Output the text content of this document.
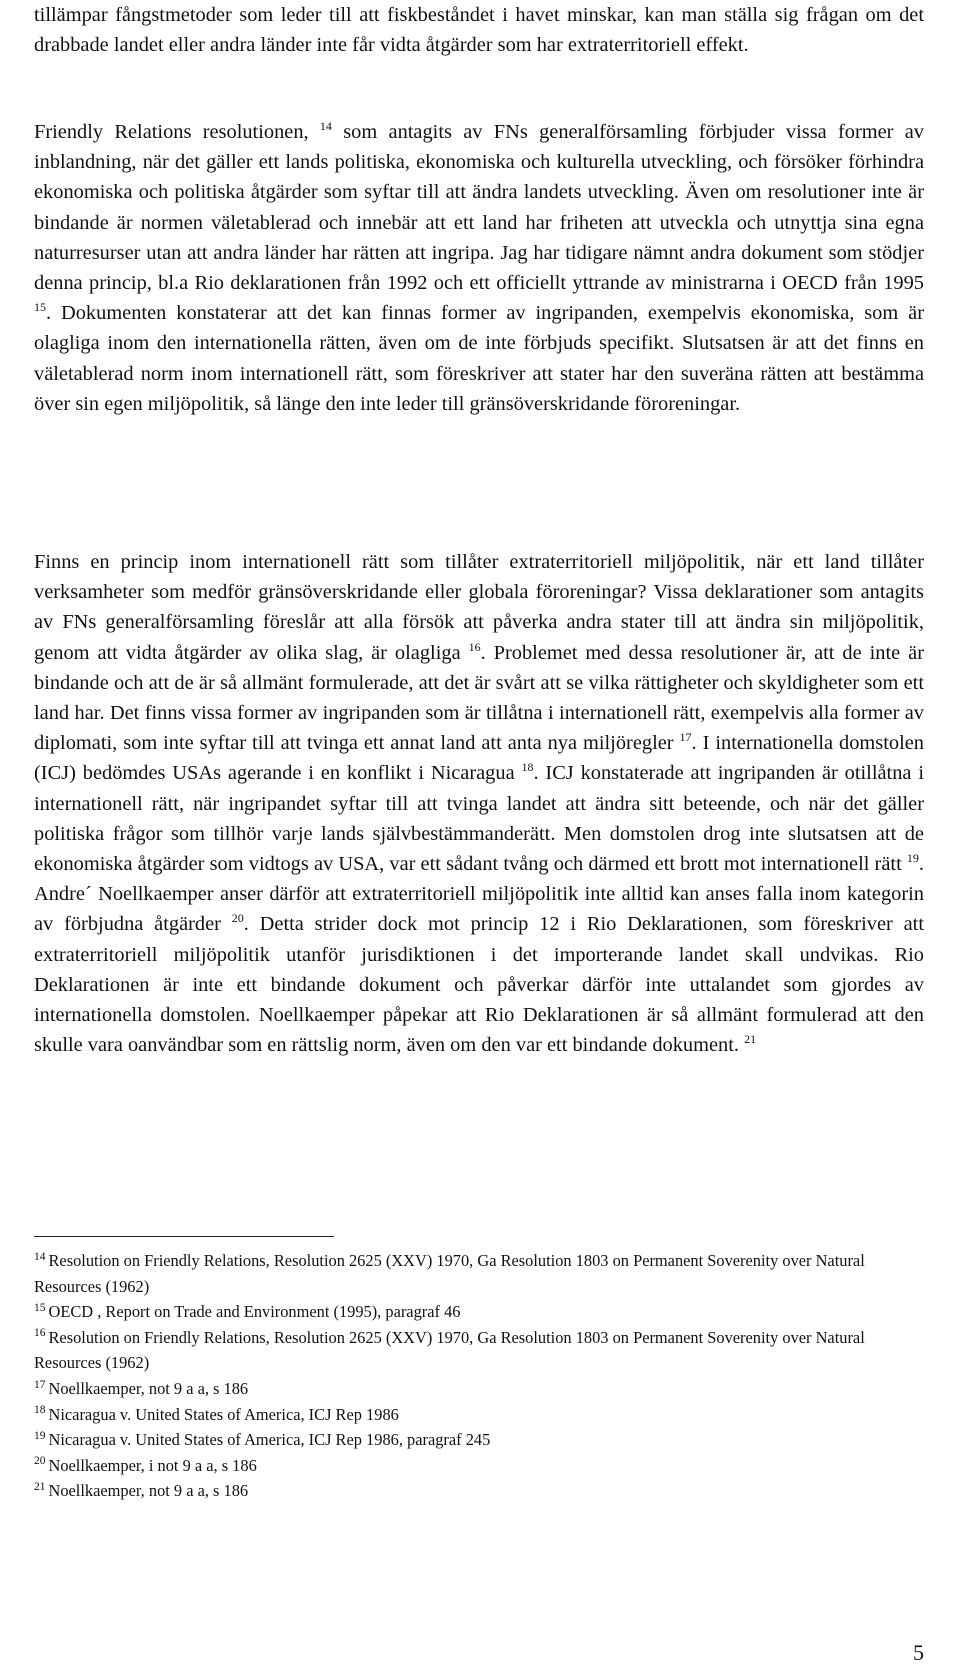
tillämpar fångstmetoder som leder till att fiskbeståndet i havet minskar, kan man ställa sig frågan om det drabbade landet eller andra länder inte får vidta åtgärder som har extraterritoriell effekt.

Friendly Relations resolutionen, $^{14}$ som antagits av FNs generalförsamling förbjuder vissa former av inblandning, när det gäller ett lands politiska, ekonomiska och kulturella utveckling, och försöker förhindra ekonomiska och politiska åtgärder som syftar till att ändra landets utveckling. Även om resolutioner inte är bindande är normen väletablerad och innebär att ett land har friheten att utveckla och utnyttja sina egna naturresurser utan att andra länder har rätten att ingripa. Jag har tidigare nämnt andra dokument som stödjer denna princip, bl.a Rio deklarationen från 1992 och ett officiellt yttrande av ministrarna i OECD från 1995 $^{15}$. Dokumenten konstaterar att det kan finnas former av ingripanden, exempelvis ekonomiska, som är olagliga inom den internationella rätten, även om de inte förbjuds specifikt. Slutsatsen är att det finns en väletablerad norm inom internationell rätt, som föreskriver att stater har den suveräna rätten att bestämma över sin egen miljöpolitik, så länge den inte leder till gränsöverskridande föroreningar.

Finns en princip inom internationell rätt som tillåter extraterritoriell miljöpolitik, när ett land tillåter verksamheter som medför gränsöverskridande eller globala föroreningar? Vissa deklarationer som antagits av FNs generalförsamling föreslår att alla försök att påverka andra stater till att ändra sin miljöpolitik, genom att vidta åtgärder av olika slag, är olagliga $^{16}$. Problemet med dessa resolutioner är, att de inte är bindande och att de är så allmänt formulerade, att det är svårt att se vilka rättigheter och skyldigheter som ett land har. Det finns vissa former av ingripanden som är tillåtna i internationell rätt, exempelvis alla former av diplomati, som inte syftar till att tvinga ett annat land att anta nya miljöregler $^{17}$. I internationella domstolen (ICJ) bedömdes USAs agerande i en konflikt i Nicaragua $^{18}$. ICJ konstaterade att ingripanden är otillåtna i internationell rätt, när ingripandet syftar till att tvinga landet att ändra sitt beteende, och när det gäller politiska frågor som tillhör varje lands självbestämmanderätt. Men domstolen drog inte slutsatsen att de ekonomiska åtgärder som vidtogs av USA, var ett sådant tvång och därmed ett brott mot internationell rätt $^{19}$. Andre´ Noellkaemper anser därför att extraterritoriell miljöpolitik inte alltid kan anses falla inom kategorin av förbjudna åtgärder $^{20}$. Detta strider dock mot princip 12 i Rio Deklarationen, som föreskriver att extraterritoriell miljöpolitik utanför jurisdiktionen i det importerande landet skall undvikas. Rio Deklarationen är inte ett bindande dokument och påverkar därför inte uttalandet som gjordes av internationella domstolen. Noellkaemper påpekar att Rio Deklarationen är så allmänt formulerad att den skulle vara oanvändbar som en rättslig norm, även om den var ett bindande dokument. $^{21}$

$^{14}$ Resolution on Friendly Relations, Resolution 2625 (XXV) 1970, Ga Resolution 1803 on Permanent Soverenity over Natural Resources (1962)

$^{15}$ OECD , Report on Trade and Environment (1995), paragraf 46

$^{16}$ Resolution on Friendly Relations, Resolution 2625 (XXV) 1970, Ga Resolution 1803 on Permanent Soverenity over Natural Resources (1962)

$^{17}$ Noellkaemper, not 9 a a, s 186

$^{18}$ Nicaragua v. United States of America, ICJ Rep 1986

$^{19}$ Nicaragua v. United States of America, ICJ Rep 1986, paragraf 245

$^{20}$ Noellkaemper, i not 9 a a, s 186

$^{21}$ Noellkaemper, not 9 a a, s 186

5
